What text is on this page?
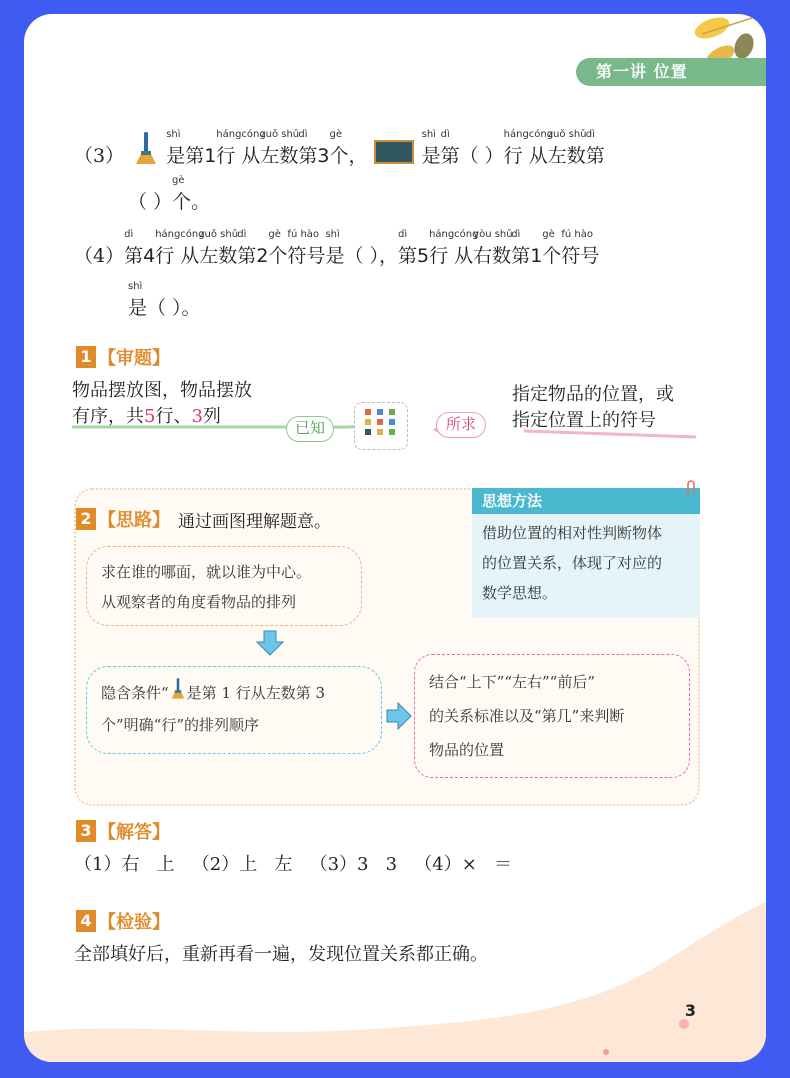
第一讲 位置
（3）

shì
是第1
háng
行
cóng
从
zuǒ shǔ
左数
dì
第3
gè
个，

shì
是
dì
第（ ）
háng
行
cóng
从
zuǒ shǔ
左数
dì
第
（ ）
gè
个。
（4）
dì
第4
háng
行
cóng
从
zuǒ shǔ
左数
dì
第2
gè
个
fú hào
符号
shì
是（ ），
dì
第5
háng
行
cóng
从
yòu shǔ
右数
dì
第1
gè
个
fú hào
符号
shì
是（ ）。
1 【审题】
物品摆放图，物品摆放
有序，共5行、3列
已知	所求
指定物品的位置，或
指定位置上的符号
2 【思路】 通过画图理解题意。
思想方法
借助位置的相对性判断物体
的位置关系，体现了对应的
数学思想。
求在谁的哪面，就以谁为中心。
从观察者的角度看物品的排列
隐含条件“ 是第 1 行从左数第 3
个”明确“行”的排列顺序
结合“上下”“左右”“前后”
的关系标准以及“第几”来判断
物品的位置
3 【解答】
（1）右   上   （2）上   左   （3）3   3   （4）×   ＝
4 【检验】
全部填好后，重新再看一遍，发现位置关系都正确。
3
